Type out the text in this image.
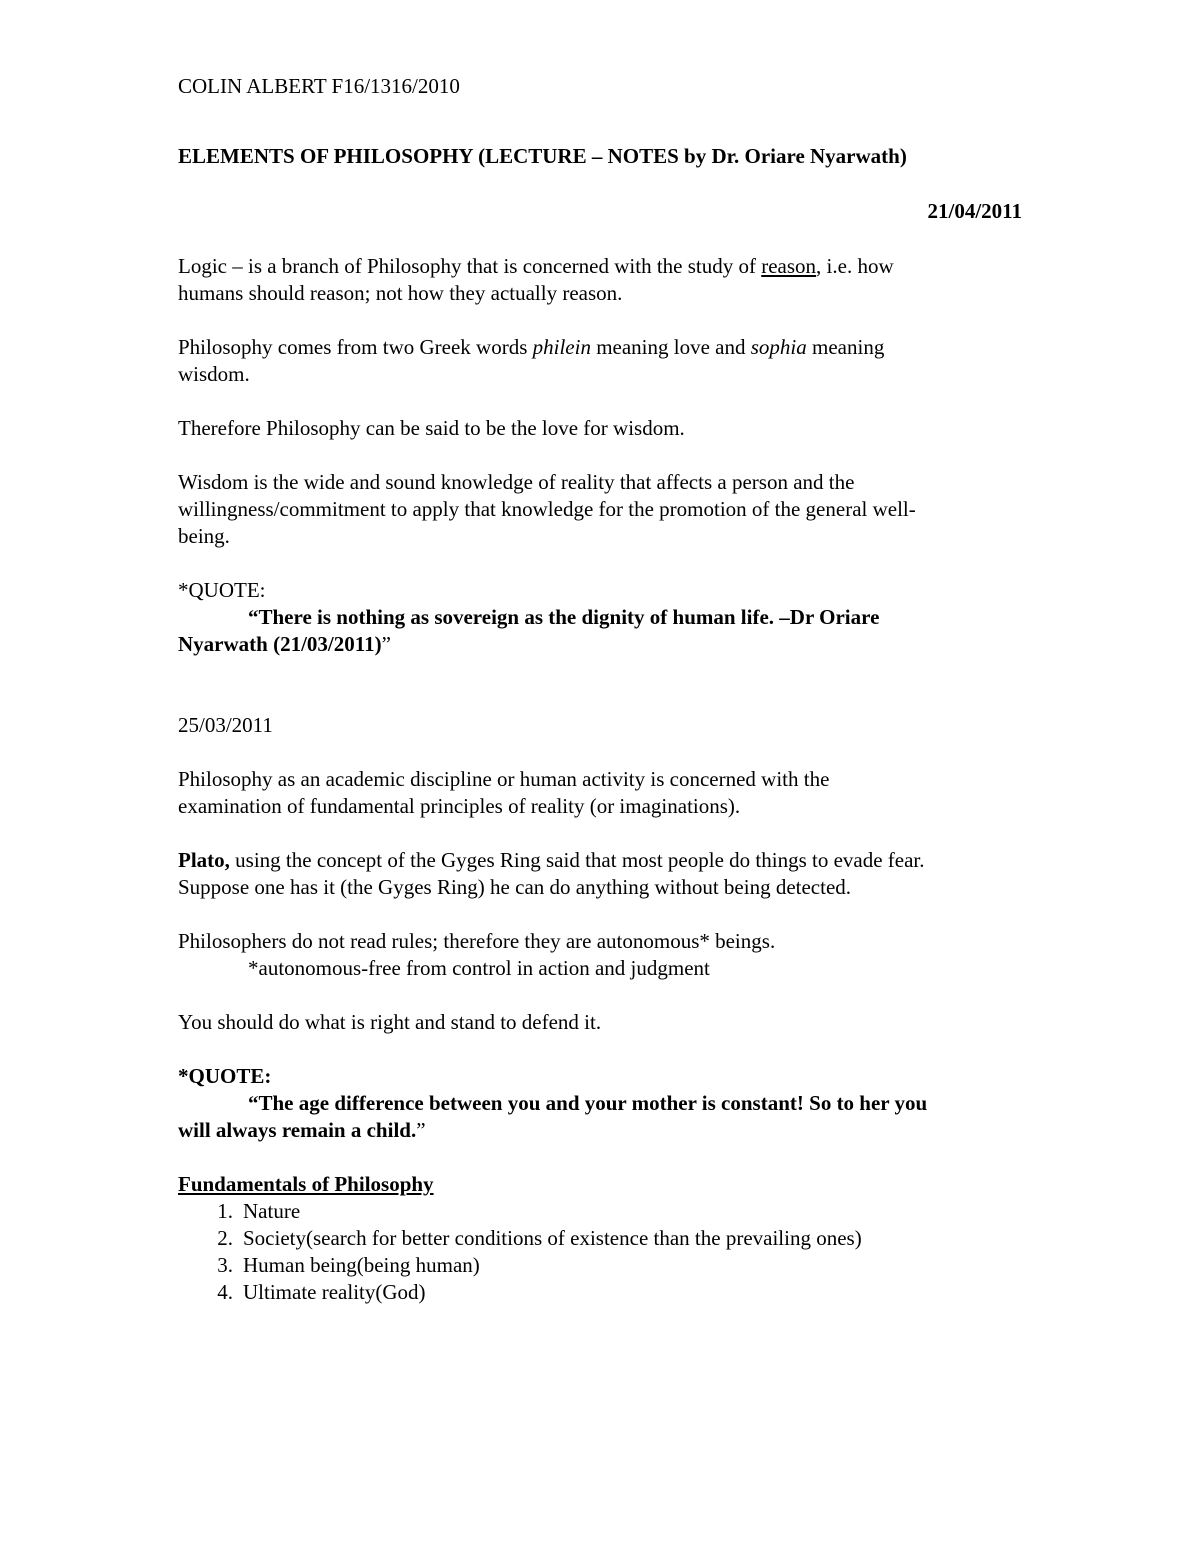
COLIN ALBERT F16/1316/2010
ELEMENTS OF PHILOSOPHY (LECTURE – NOTES by Dr. Oriare Nyarwath)
21/04/2011
Logic – is a branch of Philosophy that is concerned with the study of reason, i.e. how
humans should reason; not how they actually reason.
Philosophy comes from two Greek words philein meaning love and sophia meaning
wisdom.
Therefore Philosophy can be said to be the love for wisdom.
Wisdom is the wide and sound knowledge of reality that affects a person and the
willingness/commitment to apply that knowledge for the promotion of the general well-
being.
*QUOTE:
“There is nothing as sovereign as the dignity of human life. –Dr Oriare
Nyarwath (21/03/2011)”
25/03/2011
Philosophy as an academic discipline or human activity is concerned with the
examination of fundamental principles of reality (or imaginations).
Plato, using the concept of the Gyges Ring said that most people do things to evade fear.
Suppose one has it (the Gyges Ring) he can do anything without being detected.
Philosophers do not read rules; therefore they are autonomous* beings.
*autonomous-free from control in action and judgment
You should do what is right and stand to defend it.
*QUOTE:
“The age difference between you and your mother is constant! So to her you
will always remain a child.”
Fundamentals of Philosophy
1. Nature
2. Society(search for better conditions of existence than the prevailing ones)
3. Human being(being human)
4. Ultimate reality(God)
